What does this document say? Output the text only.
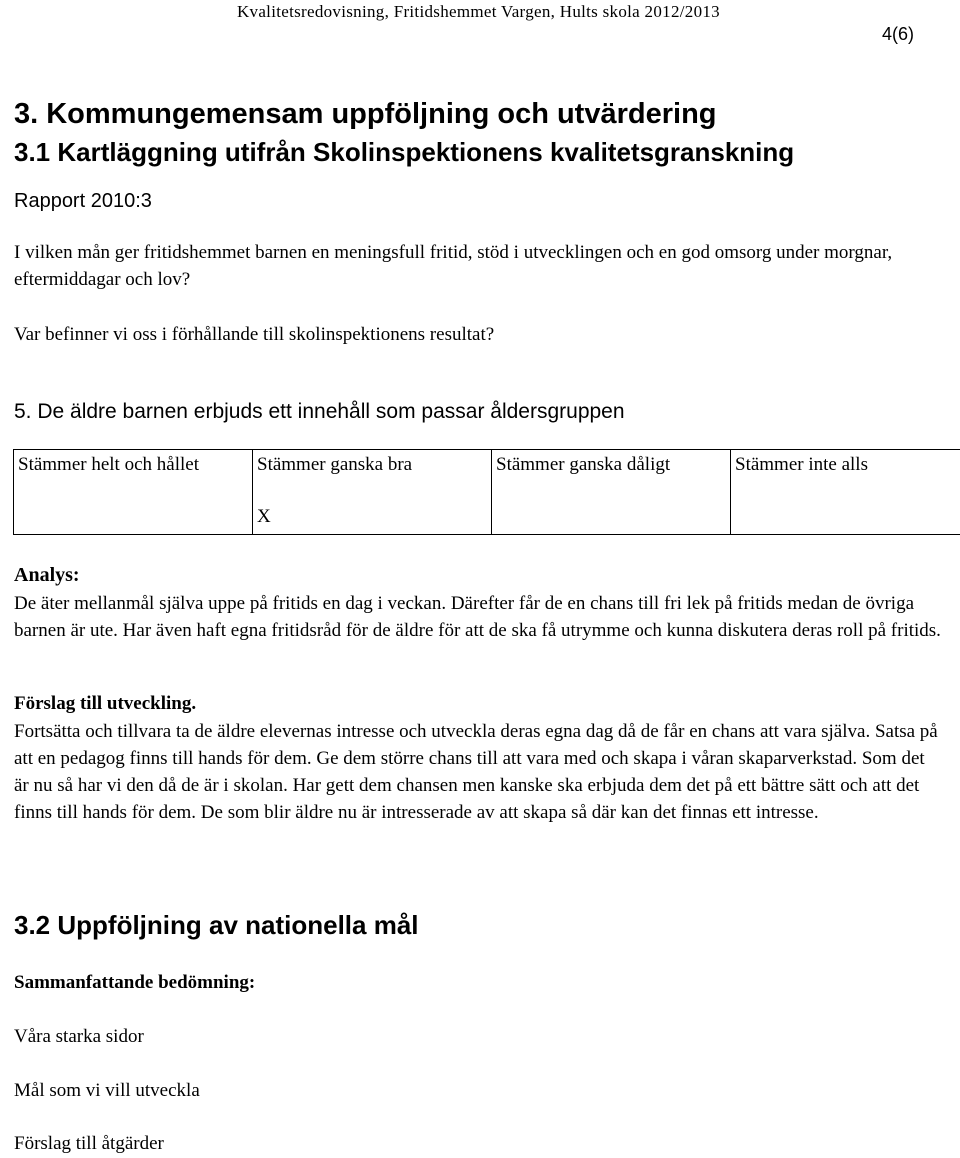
Kvalitetsredovisning, Fritidshemmet Vargen, Hults skola 2012/2013
4(6)
3. Kommungemensam uppföljning och utvärdering
3.1 Kartläggning utifrån Skolinspektionens kvalitetsgranskning
Rapport 2010:3
I vilken mån ger fritidshemmet barnen en meningsfull fritid, stöd i utvecklingen och en god omsorg under morgnar, eftermiddagar och lov?
Var befinner vi oss i förhållande till skolinspektionens resultat?
5. De äldre barnen erbjuds ett innehåll som passar åldersgruppen
Stämmer helt och hållet	Stämmer ganska bra	Stämmer ganska dåligt	Stämmer inte alls
	X		
Analys:
De äter mellanmål själva uppe på fritids en dag i veckan. Därefter får de en chans till fri lek på fritids medan de övriga barnen är ute. Har även haft egna fritidsråd för de äldre för att de ska få utrymme och kunna diskutera deras roll på fritids.
Förslag till utveckling.
Fortsätta och tillvara ta de äldre elevernas intresse och utveckla deras egna dag då de får en chans att vara själva. Satsa på att en pedagog finns till hands för dem. Ge dem större chans till att vara med och skapa i våran skaparverkstad. Som det är nu så har vi den då de är i skolan. Har gett dem chansen men kanske ska erbjuda dem det på ett bättre sätt och att det finns till hands för dem. De som blir äldre nu är intresserade av att skapa så där kan det finnas ett intresse.
3.2 Uppföljning av nationella mål
Sammanfattande bedömning:
Våra starka sidor
Mål som vi vill utveckla
Förslag till åtgärder
